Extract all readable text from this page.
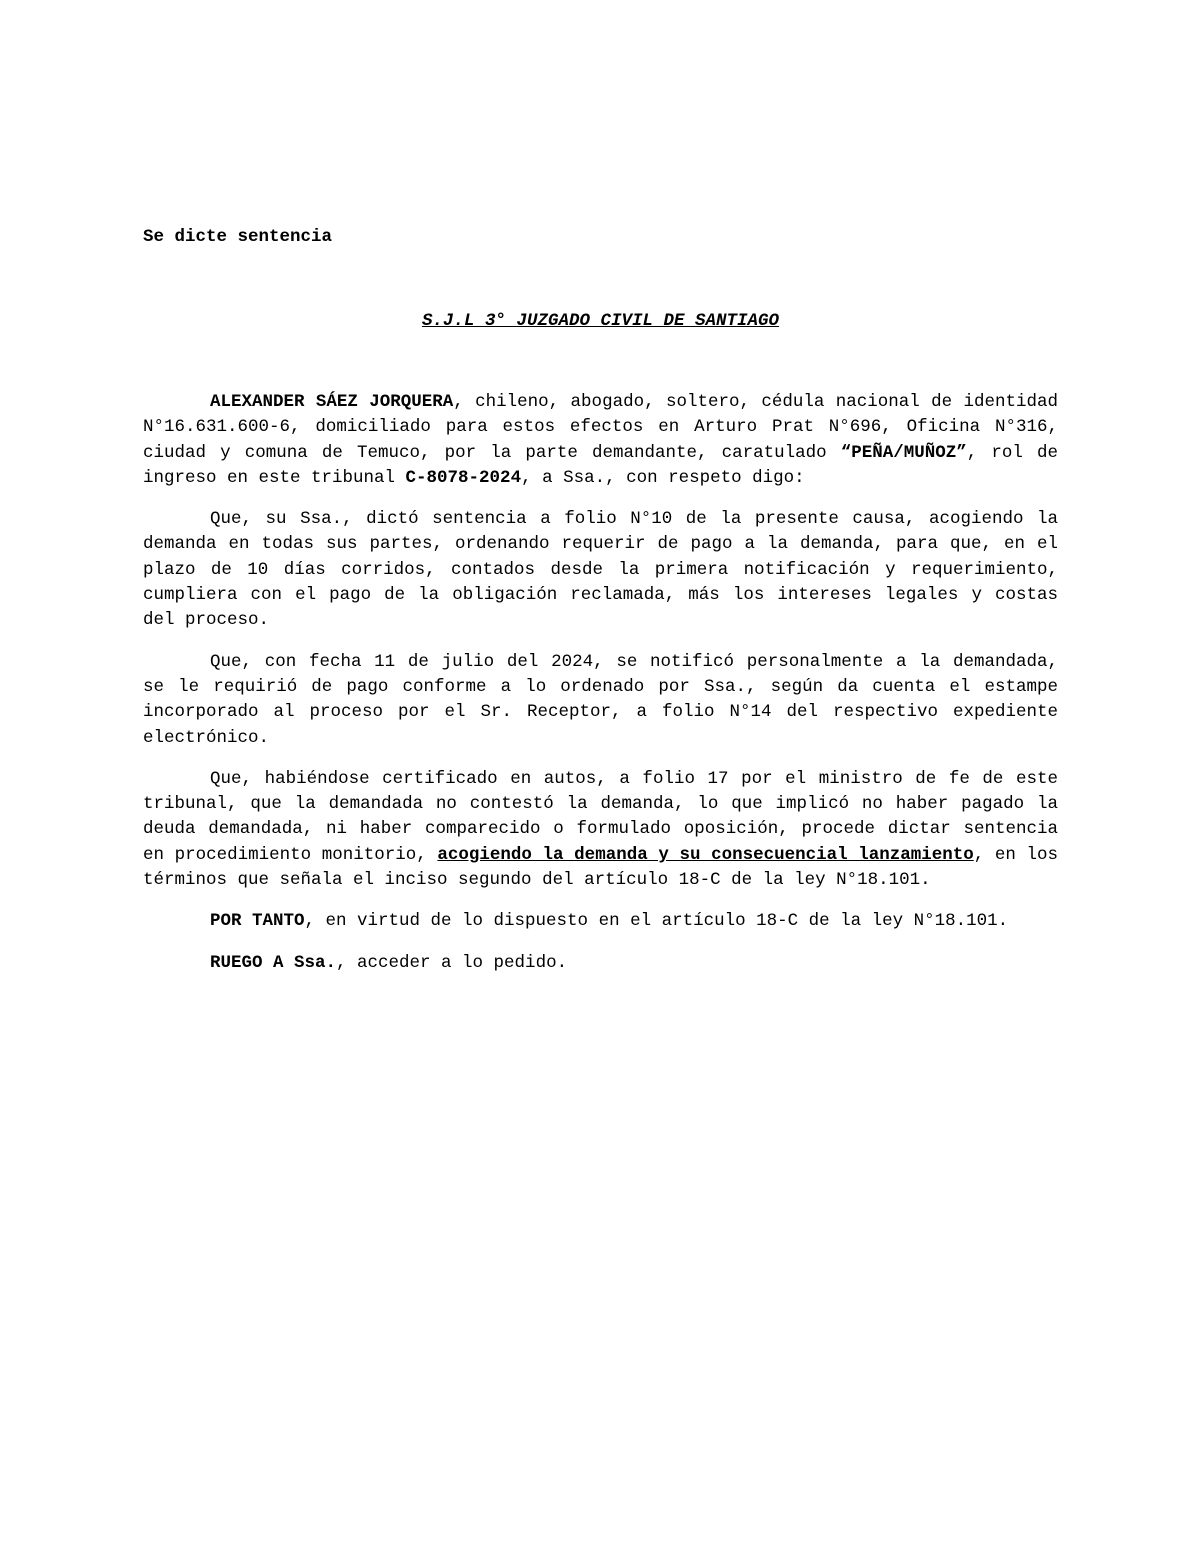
Se dicte sentencia

S.J.L 3° JUZGADO CIVIL DE SANTIAGO

ALEXANDER SÁEZ JORQUERA, chileno, abogado, soltero, cédula nacional de identidad N°16.631.600-6, domiciliado para estos efectos en Arturo Prat N°696, Oficina N°316, ciudad y comuna de Temuco, por la parte demandante, caratulado “PEÑA/MUÑOZ”, rol de ingreso en este tribunal C-8078-2024, a Ssa., con respeto digo:

Que, su Ssa., dictó sentencia a folio N°10 de la presente causa, acogiendo la demanda en todas sus partes, ordenando requerir de pago a la demanda, para que, en el plazo de 10 días corridos, contados desde la primera notificación y requerimiento, cumpliera con el pago de la obligación reclamada, más los intereses legales y costas del proceso.

Que, con fecha 11 de julio del 2024, se notificó personalmente a la demandada, se le requirió de pago conforme a lo ordenado por Ssa., según da cuenta el estampe incorporado al proceso por el Sr. Receptor, a folio N°14 del respectivo expediente electrónico.

Que, habiéndose certificado en autos, a folio 17 por el ministro de fe de este tribunal, que la demandada no contestó la demanda, lo que implicó no haber pagado la deuda demandada, ni haber comparecido o formulado oposición, procede dictar sentencia en procedimiento monitorio, acogiendo la demanda y su consecuencial lanzamiento, en los términos que señala el inciso segundo del artículo 18-C de la ley N°18.101.

POR TANTO, en virtud de lo dispuesto en el artículo 18-C de la ley N°18.101.

RUEGO A Ssa., acceder a lo pedido.
